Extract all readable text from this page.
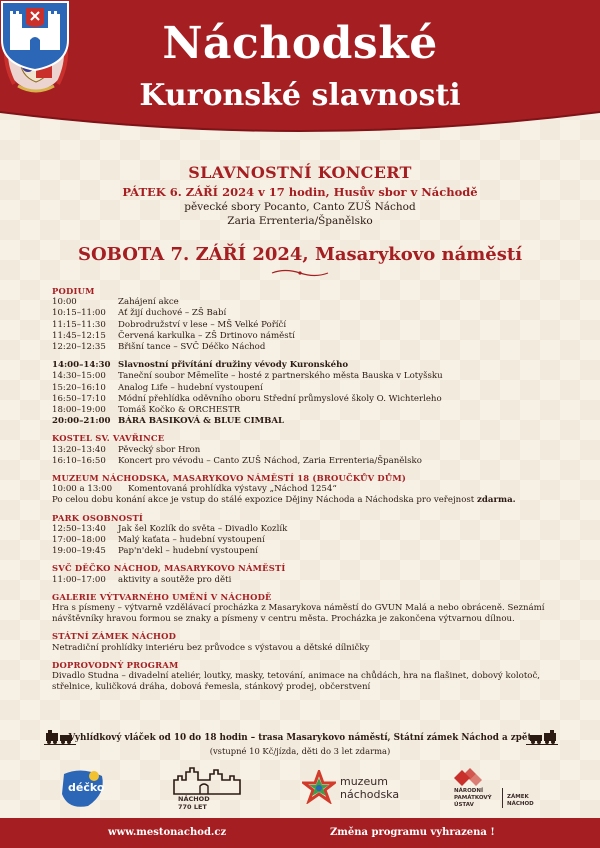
Náchodské
Kuronské slavnosti
SLAVNOSTNÍ KONCERT
PÁTEK 6. ZÁŘÍ 2024 v 17 hodin, Husův sbor v Náchodě
pěvecké sbory Pocanto, Canto ZUŠ Náchod
Zaria Errenteria/Španělsko
SOBOTA 7. ZÁŘÍ 2024, Masarykovo náměstí
PODIUM
10:00	Zahájení akce
10:15–11:00	Ať žijí duchové – ZŠ Babí
11:15–11:30	Dobrodružství v lese – MŠ Velké Poříčí
11:45–12:15	Červená karkulka – ZŠ Drtinovo náměstí
12:20–12:35	Břišní tance – SVČ Déčko Náchod
14:00–14:30 Slavnostní přivítání družiny vévody Kuronského
14:30–15:00	Taneční soubor Mēmelīte – hosté z partnerského města Bauska v Lotyšsku
15:20–16:10	Analog Life – hudební vystoupení
16:50–17:10	Módní přehlídka oděvního oboru Střední průmyslové školy O. Wichterleho
18:00–19:00	Tomáš Kočko & ORCHESTR
20:00–21:00 BÁRA BASIKOVÁ & BLUE CIMBAL
KOSTEL SV. VAVŘINCE
13:20–13:40	Pěvecký sbor Hron
16:10–16:50	Koncert pro vévodu – Canto ZUŠ Náchod, Zaria Errenteria/Španělsko
MUZEUM NÁCHODSKA, MASARYKOVO NÁMĚSTÍ 18 (BROUČKŮV DŮM)
10:00 a 13:00	Komentovaná prohlídka výstavy „Náchod 1254“
Po celou dobu konání akce je vstup do stálé expozice Dějiny Náchoda a Náchodska pro veřejnost zdarma.
PARK OSOBNOSTÍ
12:50–13:40	Jak šel Kozlík do světa – Divadlo Kozlík
17:00–18:00	Malý kaťata – hudební vystoupení
19:00–19:45	Pap'n'dekl – hudební vystoupení
SVČ DĚČKO NÁCHOD, MASARYKOVO NÁMĚSTÍ
11:00–17:00	aktivity a soutěže pro děti
GALERIE VÝTVARNÉHO UMĚNÍ V NÁCHODĚ
Hra s písmeny – výtvarně vzdělávací procházka z Masarykova náměstí do GVUN Malá a nebo obráceně. Seznámí návštěvníky hravou formou se znaky a písmeny v centru města. Procházka je zakončena výtvarnou dílnou.
STÁTNÍ ZÁMEK NÁCHOD
Netradiční prohlídky interiéru bez průvodce s výstavou a dětské dílničky
DOPROVODNÝ PROGRAM
Divadlo Studna – divadelní ateliér, loutky, masky, tetování, animace na chůdách, hra na flašinet, dobový kolotoč, střelnice, kuličková dráha, dobová řemesla, stánkový prodej, občerstvení
Vyhlídkový vláček od 10 do 18 hodin – trasa Masarykovo náměstí, Státní zámek Náchod a zpět
(vstupné 10 Kč/jízda, děti do 3 let zdarma)
déčko
NÁCHOD
770 LET
muzeum
náchodska	NÁRODNÍ
PAMÁTKOVÝ
ÚSTAV
ZÁMEK
NÁCHOD
www.mestonachod.cz	Změna programu vyhrazena !
